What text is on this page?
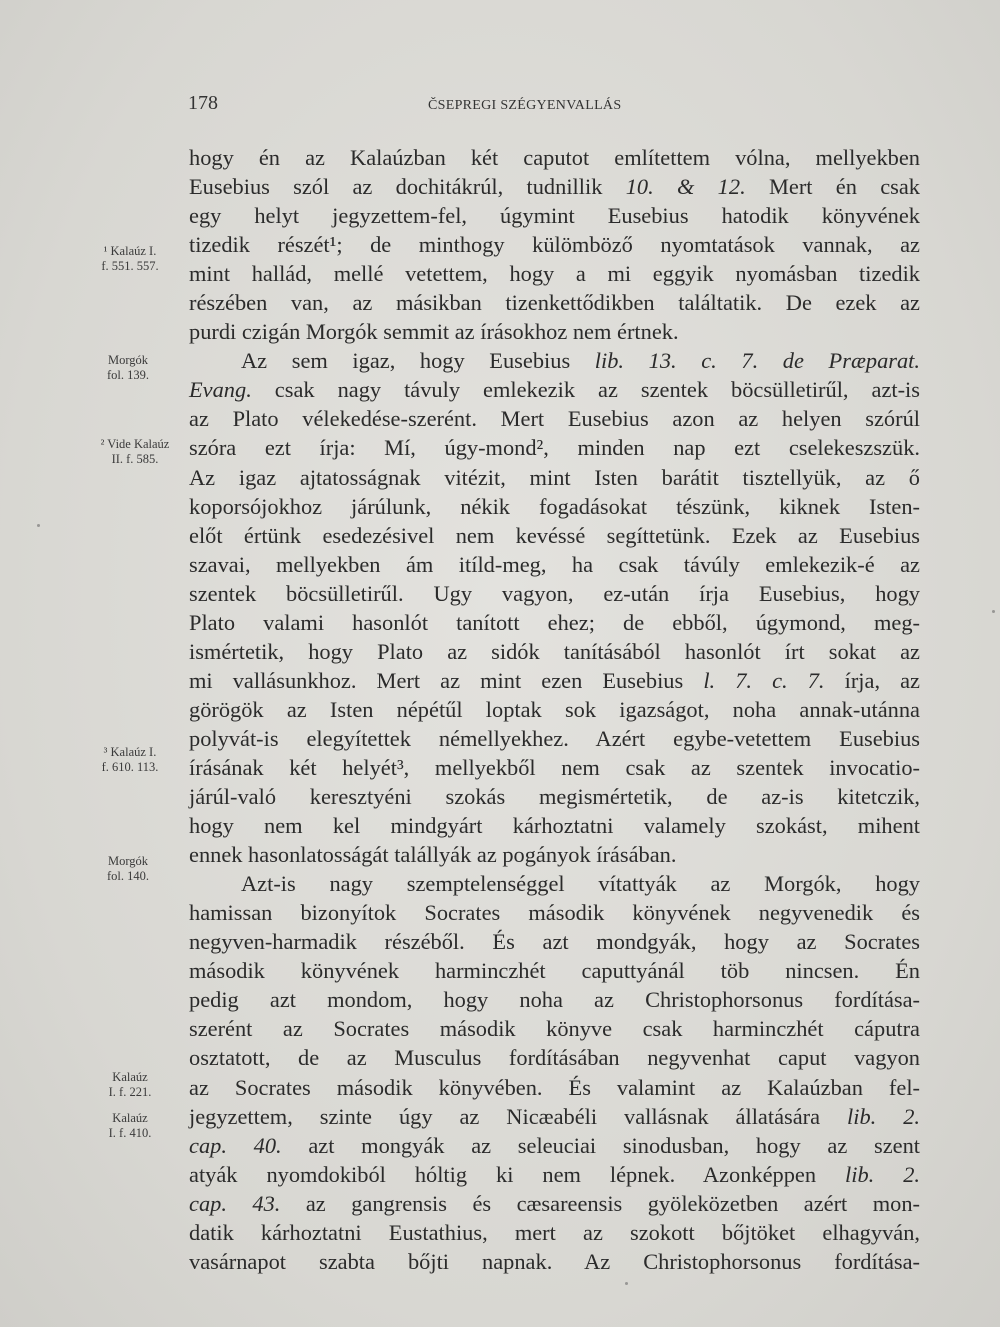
178	ČSEPREGI SZÉGYENVALLÁS
¹ Kalaúz I.
f. 551. 557.
Morgók
fol. 139.
² Vide Kalaúz
II. f. 585.
³ Kalaúz I.
f. 610. 113.
Morgók
fol. 140.
Kalaúz
I. f. 221.
Kalaúz
I. f. 410.
hogy én az Kalaúzban két caputot említettem vólna, mellyekben
Eusebius szól az dochitákrúl, tudnillik 10. & 12. Mert én csak
egy helyt jegyzettem-fel, úgymint Eusebius hatodik könyvének
tizedik részét¹; de minthogy külömböző nyomtatások vannak, az
mint hallád, mellé vetettem, hogy a mi eggyik nyomásban tizedik
részében van, az másikban tizenkettődikben találtatik. De ezek az
purdi czigán Morgók semmit az írásokhoz nem értnek.
Az sem igaz, hogy Eusebius lib. 13. c. 7. de Præparat.
Evang. csak nagy távuly emlekezik az szentek böcsülletirűl, azt-is
az Plato vélekedése-szerént. Mert Eusebius azon az helyen szórúl
szóra ezt írja: Mí, úgy-mond², minden nap ezt cselekeszszük.
Az igaz ajtatosságnak vitézit, mint Isten barátit tisztellyük, az ő
koporsójokhoz járúlunk, nékik fogadásokat tészünk, kiknek Isten-
előt értünk esedezésivel nem kevéssé segíttetünk. Ezek az Eusebius
szavai, mellyekben ám itíld-meg, ha csak távúly emlekezik-é az
szentek böcsülletirűl. Ugy vagyon, ez-után írja Eusebius, hogy
Plato valami hasonlót tanított ehez; de ebből, úgymond, meg-
ismértetik, hogy Plato az sidók tanításából hasonlót írt sokat az
mi vallásunkhoz. Mert az mint ezen Eusebius l. 7. c. 7. írja, az
görögök az Isten népétűl loptak sok igazságot, noha annak-utánna
polyvát-is elegyítettek némellyekhez. Azért egybe-vetettem Eusebius
írásának két helyét³, mellyekből nem csak az szentek invocatio-
járúl-való keresztyéni szokás megismértetik, de az-is kitetczik,
hogy nem kel mindgyárt kárhoztatni valamely szokást, mihent
ennek hasonlatosságát talállyák az pogányok írásában.
Azt-is nagy szemptelenséggel vítattyák az Morgók, hogy
hamissan bizonyítok Socrates második könyvének negyvenedik és
negyven-harmadik részéből. És azt mondgyák, hogy az Socrates
második könyvének harminczhét caputtyánál töb nincsen. Én
pedig azt mondom, hogy noha az Christophorsonus fordítása-
szerént az Socrates második könyve csak harminczhét cáputra
osztatott, de az Musculus fordításában negyvenhat caput vagyon
az Socrates második könyvében. És valamint az Kalaúzban fel-
jegyzettem, szinte úgy az Nicæabéli vallásnak állatására lib. 2.
cap. 40. azt mongyák az seleuciai sinodusban, hogy az szent
atyák nyomdokiból hóltig ki nem lépnek. Azonképpen lib. 2.
cap. 43. az gangrensis és cæsareensis gyöleközetben azért mon-
datik kárhoztatni Eustathius, mert az szokott bőjtöket elhagyván,
vasárnapot szabta bőjti napnak. Az Christophorsonus fordítása-
